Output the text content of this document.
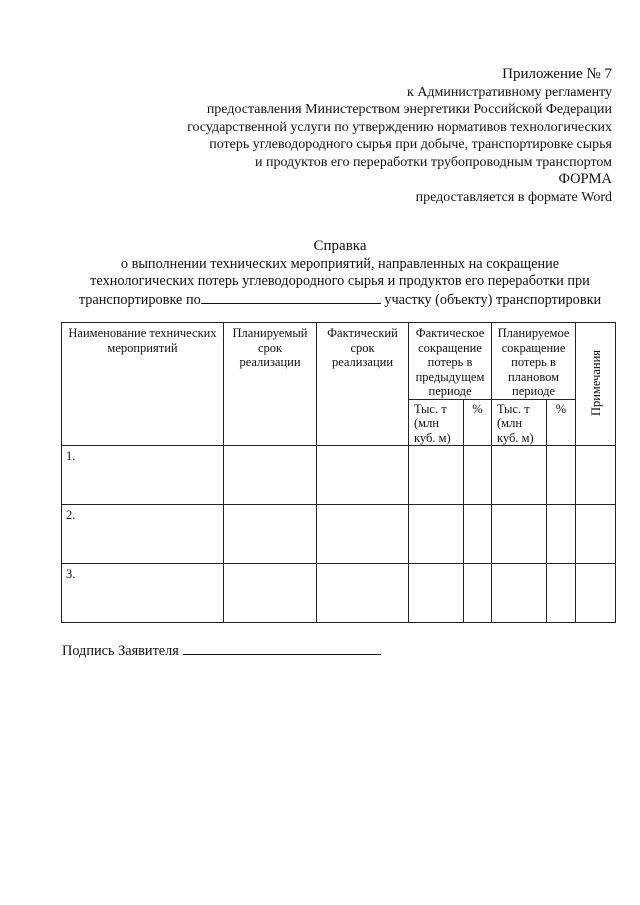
Приложение № 7
к Административному регламенту
предоставления Министерством энергетики Российской Федерации
государственной услуги по утверждению нормативов технологических
потерь углеводородного сырья при добыче, транспортировке сырья
и продуктов его переработки трубопроводным транспортом
ФОРМА
предоставляется в формате Word
Справка
о выполнении технических мероприятий, направленных на сокращение
технологических потерь углеводородного сырья и продуктов его переработки при
транспортировке по	участку (объекту) транспортировки
Наименование технических мероприятий	Планируемый срок реализации	Фактический срок реализации	Фактическое сокращение потерь в предыдущем периоде		Планируемое сокращение потерь в плановом периоде		Примечания

			Тыс. т (млн куб. м)	%	Тыс. т (млн куб. м)	%	

1.							

2.							

3.							

Подпись Заявителя
